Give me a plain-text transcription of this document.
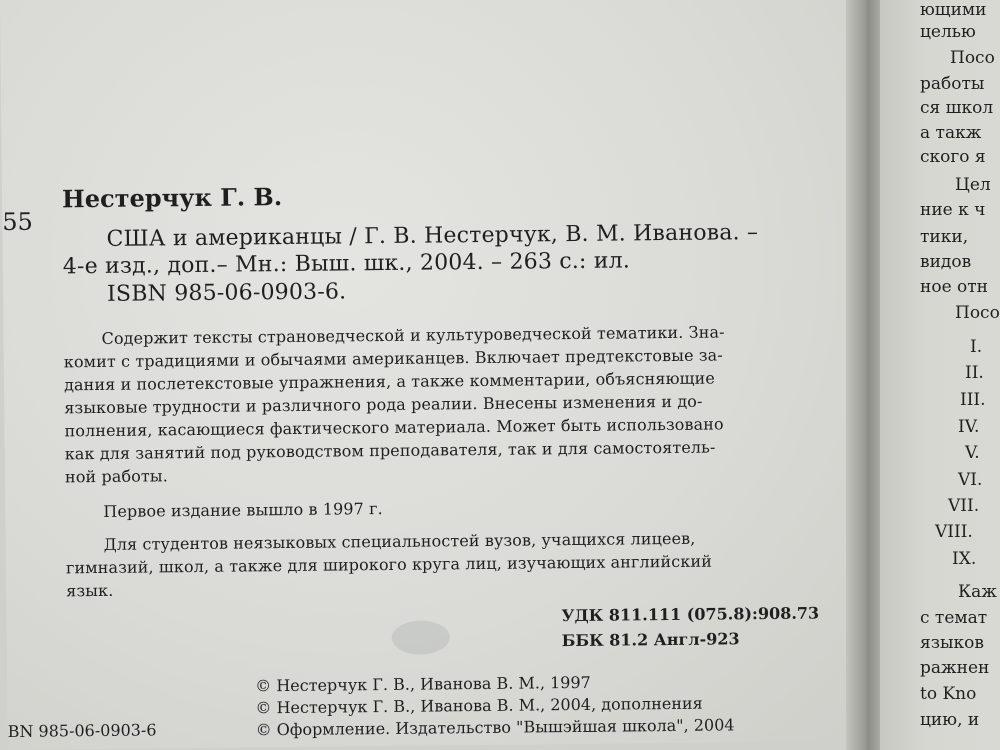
55
Нестерчук Г. В.
США и американцы / Г. В. Нестерчук, В. М. Иванова. –
4-е изд., доп.– Мн.: Выш. шк., 2004. – 263 с.: ил.
ISBN 985-06-0903-6.
Содержит тексты страноведческой и культуроведческой тематики. Зна-
комит с традициями и обычаями американцев. Включает предтекстовые за-
дания и послетекстовые упражнения, а также комментарии, объясняющие
языковые трудности и различного рода реалии. Внесены изменения и до-
полнения, касающиеся фактического материала. Может быть использовано
как для занятий под руководством преподавателя, так и для самостоятель-
ной работы.
Первое издание вышло в 1997 г.
Для студентов неязыковых специальностей вузов, учащихся лицеев,
гимназий, школ, а также для широкого круга лиц, изучающих английский
язык.
УДК 811.111 (075.8):908.73
ББК 81.2 Англ-923
© Нестерчук Г. В., Иванова В. М., 1997
© Нестерчук Г. В., Иванова В. М., 2004, дополнения
© Оформление. Издательство "Вышэйшая школа", 2004
BN 985-06-0903-6
ющими
целью
Посо
работы
ся школ
а такж
ского я
Цел
ние к ч
тики,
видов
ное отн
Посо
I.
II.
III.
IV.
V.
VI.
VII.
VIII.
IX.
Каж
с темат
языков
ражнен
to Kno
цию, и
